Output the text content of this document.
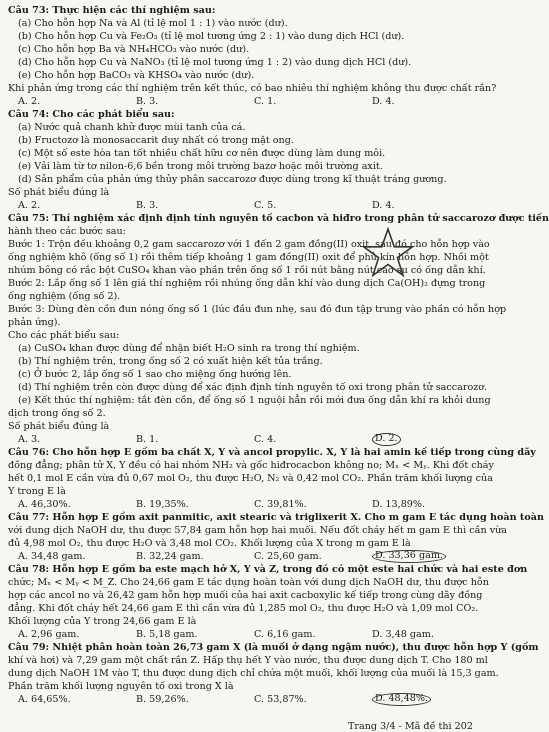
Câu 73: Thực hiện các thí nghiệm sau:
(a) Cho hỗn hợp Na và Al (tỉ lệ mol 1 : 1) vào nước (dư).
(b) Cho hỗn hợp Cu và Fe₂O₃ (tỉ lệ mol tương ứng 2 : 1) vào dung dịch HCl (dư).
(c) Cho hỗn hợp Ba và NH₄HCO₃ vào nước (dư).
(d) Cho hỗn hợp Cu và NaNO₃ (tỉ lệ mol tương ứng 1 : 2) vào dung dịch HCl (dư).
(e) Cho hỗn hợp BaCO₃ và KHSO₄ vào nước (dư).
Khi phản ứng trong các thí nghiệm trên kết thúc, có bao nhiêu thí nghiệm không thu được chất rắn?
A. 2.	B. 3.	C. 1.	D. 4.
Câu 74: Cho các phát biểu sau:
(a) Nước quả chanh khử được mùi tanh của cá.
(b) Fructozơ là monosaccarit duy nhất có trong mật ong.
(c) Một số este hòa tan tốt nhiều chất hữu cơ nên được dùng làm dung môi.
(e) Vải làm từ tơ nilon-6,6 bền trong môi trường bazơ hoặc môi trường axit.
(d) Sản phẩm của phản ứng thủy phân saccarozơ được dùng trong kĩ thuật tráng gương.
Số phát biểu đúng là
A. 2.	B. 3.	C. 5.	D. 4.
Câu 75: Thí nghiệm xác định định tính nguyên tố cacbon và hiđro trong phân tử saccarozơ được tiến
hành theo các bước sau:
Bước 1: Trộn đều khoảng 0,2 gam saccarozơ với 1 đến 2 gam đồng(II) oxit, sau đó cho hỗn hợp vào
ống nghiệm khô (ống số 1) rồi thêm tiếp khoảng 1 gam đồng(II) oxit để phủ kín hỗn hợp. Nhồi một
nhúm bông có rắc bột CuSO₄ khan vào phần trên ống số 1 rồi nút bằng nút cao su có ống dẫn khí.
Bước 2: Lắp ống số 1 lên giá thí nghiệm rồi nhúng ống dẫn khí vào dung dịch Ca(OH)₂ đựng trong
ống nghiệm (ống số 2).
Bước 3: Dùng đèn cồn đun nóng ống số 1 (lúc đầu đun nhẹ, sau đó đun tập trung vào phần có hỗn hợp
phản ứng).
Cho các phát biểu sau:
(a) CuSO₄ khan được dùng để nhận biết H₂O sinh ra trong thí nghiệm.
(b) Thí nghiệm trên, trong ống số 2 có xuất hiện kết tủa trắng.
(c) Ở bước 2, lắp ống số 1 sao cho miệng ống hướng lên.
(d) Thí nghiệm trên còn được dùng để xác định định tính nguyên tố oxi trong phân tử saccarozơ.
(e) Kết thúc thí nghiệm: tắt đèn cồn, để ống số 1 nguội hẳn rồi mới đưa ống dẫn khí ra khỏi dung
dịch trong ống số 2.
Số phát biểu đúng là
A. 3.	B. 1.	C. 4.	D. 2.
Câu 76: Cho hỗn hợp E gồm ba chất X, Y và ancol propylic. X, Y là hai amin kế tiếp trong cùng dãy
đồng đẳng; phân tử X, Y đều có hai nhóm NH₂ và gốc hiđrocacbon không no; Mₓ < Mᵧ. Khi đốt cháy
hết 0,1 mol E cần vừa đủ 0,67 mol O₂, thu được H₂O, N₂ và 0,42 mol CO₂. Phần trăm khối lượng của
Y trong E là
A. 46,30%.	B. 19,35%.	C. 39,81%.	D. 13,89%.
Câu 77: Hỗn hợp E gồm axit panmitic, axit stearic và triglixerit X. Cho m gam E tác dụng hoàn toàn
với dung dịch NaOH dư, thu được 57,84 gam hỗn hợp hai muối. Nếu đốt cháy hết m gam E thì cần vừa
đủ 4,98 mol O₂, thu được H₂O và 3,48 mol CO₂. Khối lượng của X trong m gam E là
A. 34,48 gam.	B. 32,24 gam.	C. 25,60 gam.	D. 33,36 gam.
Câu 78: Hỗn hợp E gồm ba este mạch hở X, Y và Z, trong đó có một este hai chức và hai este đơn
chức; Mₓ < Mᵧ < M_Z. Cho 24,66 gam E tác dụng hoàn toàn với dung dịch NaOH dư, thu được hỗn
hợp các ancol no và 26,42 gam hỗn hợp muối của hai axit cacboxylic kế tiếp trong cùng dãy đồng
đẳng. Khi đốt cháy hết 24,66 gam E thì cần vừa đủ 1,285 mol O₂, thu được H₂O và 1,09 mol CO₂.
Khối lượng của Y trong 24,66 gam E là
A. 2,96 gam.	B. 5,18 gam.	C. 6,16 gam.	D. 3,48 gam.
Câu 79: Nhiệt phân hoàn toàn 26,73 gam X (là muối ở dạng ngậm nước), thu được hỗn hợp Y (gồm
khí và hơi) và 7,29 gam một chất rắn Z. Hấp thụ hết Y vào nước, thu được dung dịch T. Cho 180 ml
dung dịch NaOH 1M vào T, thu được dung dịch chỉ chứa một muối, khối lượng của muối là 15,3 gam.
Phần trăm khối lượng nguyên tố oxi trong X là
A. 64,65%.	B. 59,26%.	C. 53,87%.	D. 48,48%.
Trang 3/4 - Mã đề thi 202
